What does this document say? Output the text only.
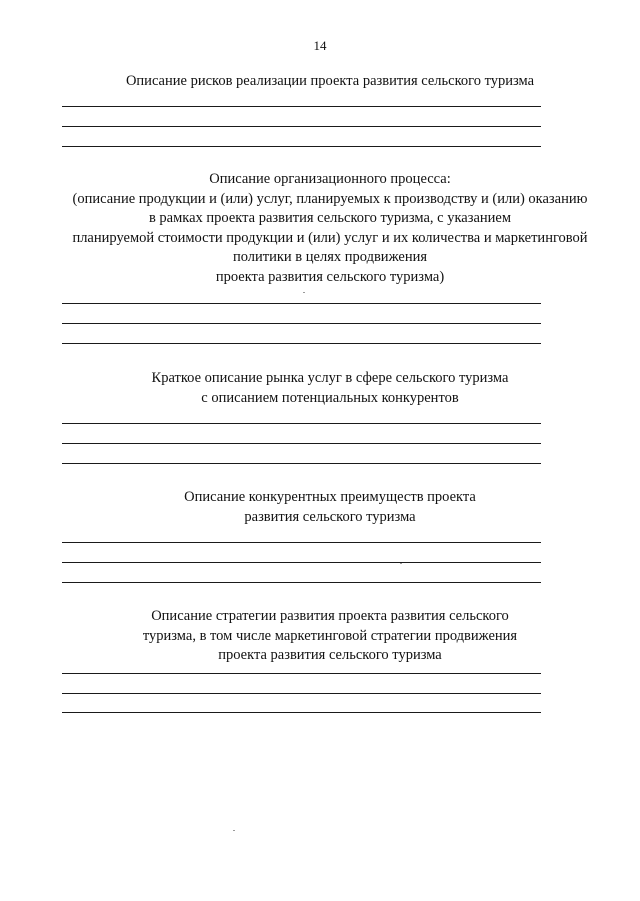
14
Описание рисков реализации проекта развития сельского туризма
Описание организационного процесса:
(описание продукции и (или) услуг, планируемых к производству и (или) оказанию
в рамках проекта развития сельского туризма, с указанием
планируемой стоимости продукции и (или) услуг и их количества и маркетинговой
политики в целях продвижения
проекта развития сельского туризма)
Краткое описание рынка услуг в сфере сельского туризма
с описанием потенциальных конкурентов
Описание конкурентных преимуществ проекта
развития сельского туризма
Описание стратегии развития проекта развития сельского
туризма, в том числе маркетинговой стратегии продвижения
проекта развития сельского туризма
